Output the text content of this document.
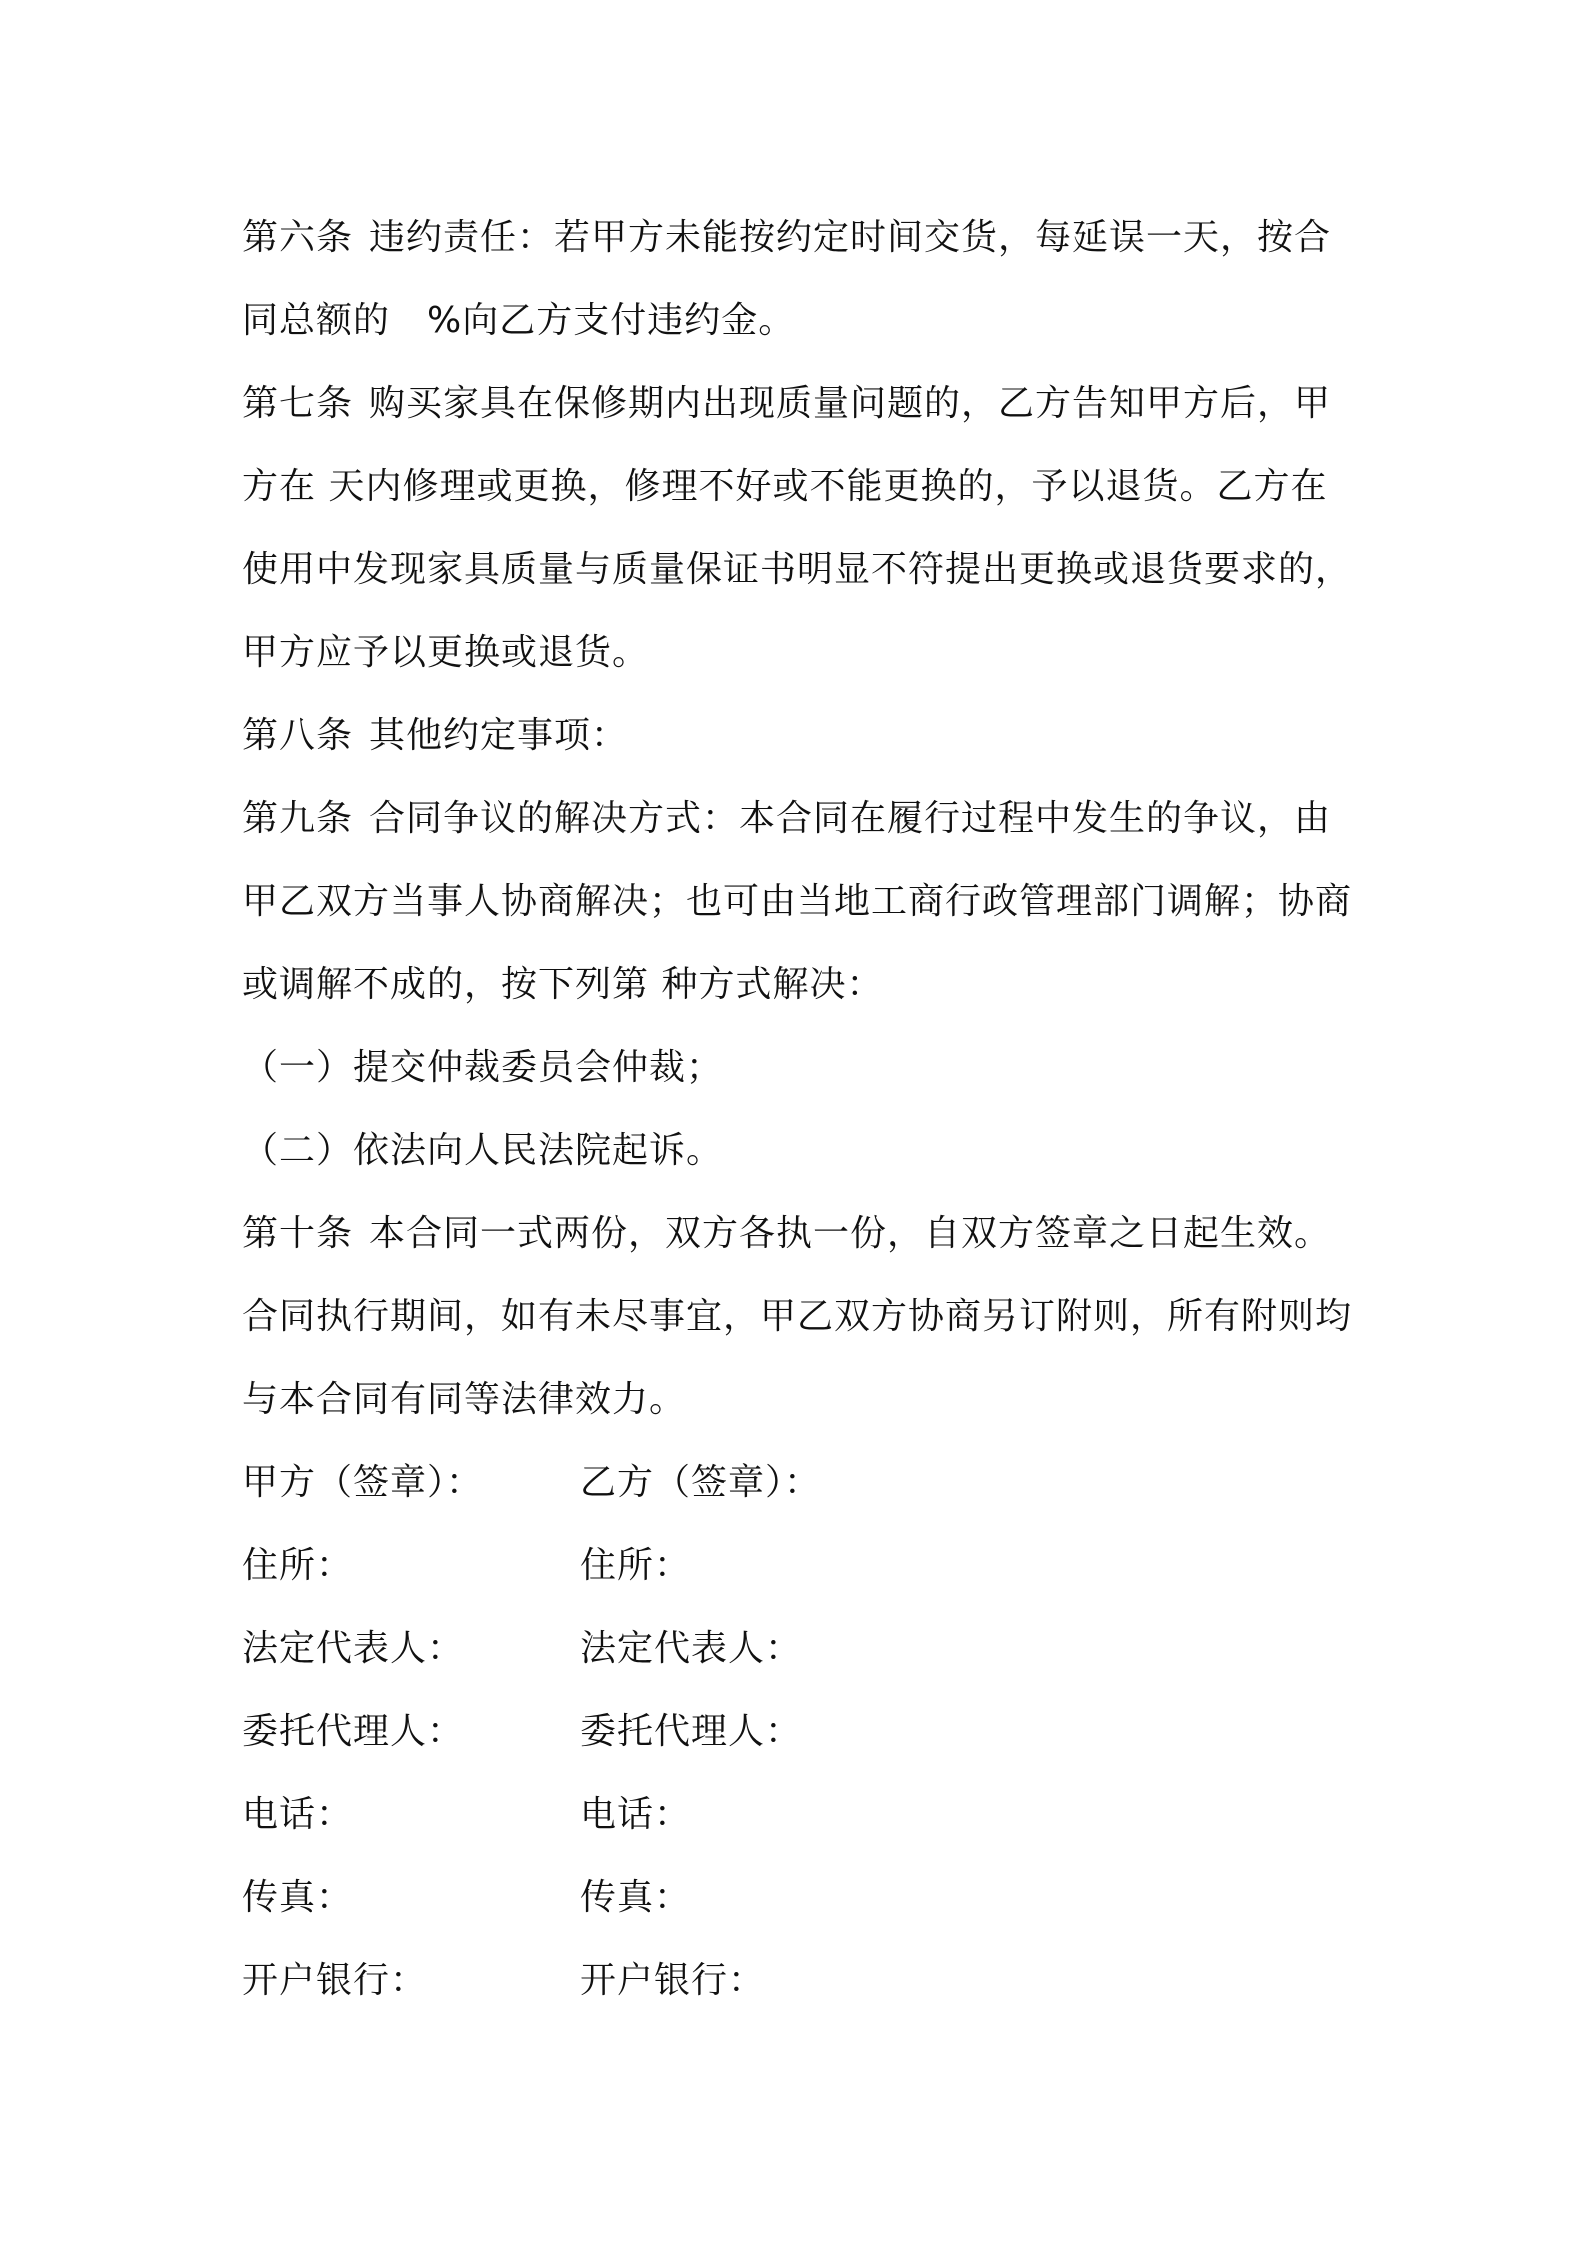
第六条 违约责任：若甲方未能按约定时间交货，每延误一天，按合同总额的　%向乙方支付违约金。

第七条 购买家具在保修期内出现质量问题的，乙方告知甲方后，甲方在 天内修理或更换，修理不好或不能更换的，予以退货。乙方在使用中发现家具质量与质量保证书明显不符提出更换或退货要求的，甲方应予以更换或退货。

第八条 其他约定事项：

第九条 合同争议的解决方式：本合同在履行过程中发生的争议，由甲乙双方当事人协商解决；也可由当地工商行政管理部门调解；协商或调解不成的，按下列第 种方式解决：

（一）提交仲裁委员会仲裁；

（二）依法向人民法院起诉。

第十条 本合同一式两份，双方各执一份，自双方签章之日起生效。合同执行期间，如有未尽事宜，甲乙双方协商另订附则，所有附则均与本合同有同等法律效力。

甲方（签章）：	乙方（签章）：
住所：	住所：
法定代表人：	法定代表人：
委托代理人：	委托代理人：
电话：	电话：
传真：	传真：
开户银行：	开户银行：
